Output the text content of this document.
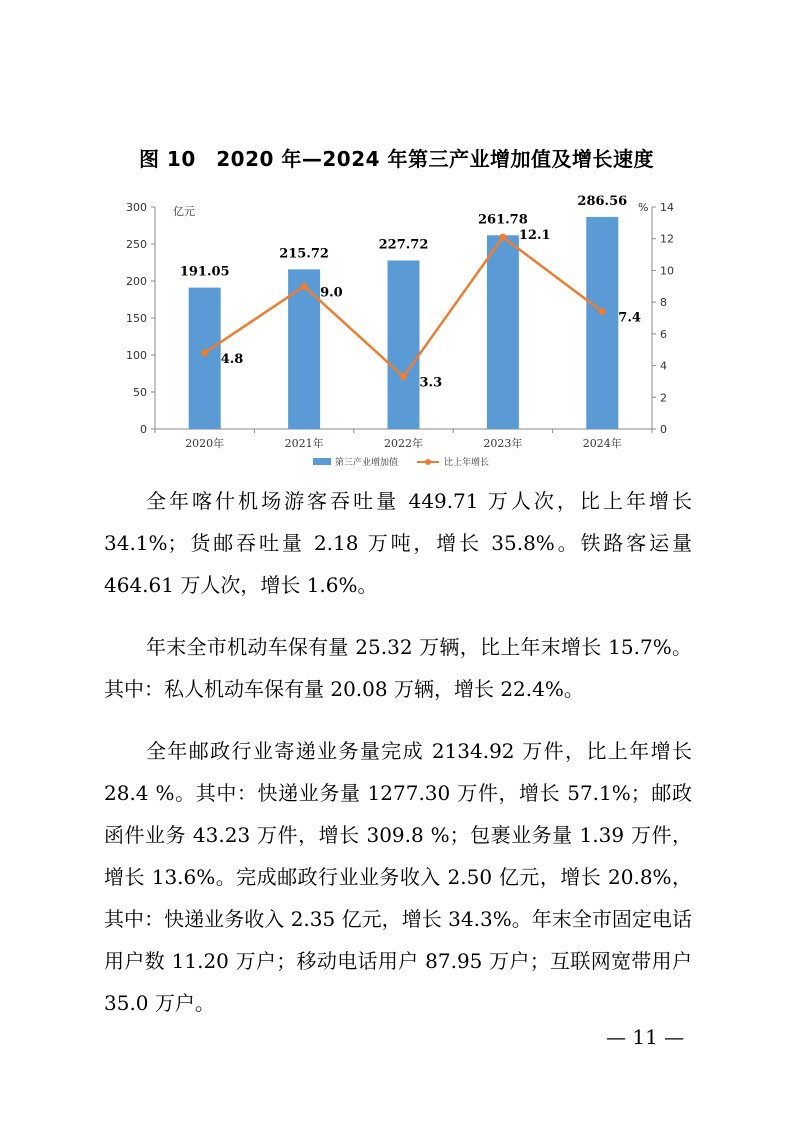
图 10　2020 年—2024 年第三产业增加值及增长速度
0
50
100
150
200
250
300
0
2
4
6
8
10
12
14
亿元	%
2020年	2021年	2022年	2023年	2024年
191.05
215.72
227.72
261.78
286.56
4.8
9.0
3.3
12.1
7.4
第三产业增加值	比上年增长

全年喀什机场游客吞吐量 449.71 万人次，比上年增长 34.1%；货邮吞吐量 2.18 万吨，增长 35.8%。铁路客运量 464.61 万人次，增长 1.6%。

年末全市机动车保有量 25.32 万辆，比上年末增长 15.7%。其中：私人机动车保有量 20.08 万辆，增长 22.4%。

全年邮政行业寄递业务量完成 2134.92 万件，比上年增长 28.4 %。其中：快递业务量 1277.30 万件，增长 57.1%；邮政函件业务 43.23 万件，增长 309.8 %；包裹业务量 1.39 万件，增长 13.6%。完成邮政行业业务收入 2.50 亿元，增长 20.8%，其中：快递业务收入 2.35 亿元，增长 34.3%。年末全市固定电话用户数 11.20 万户；移动电话用户 87.95 万户；互联网宽带用户 35.0 万户。

— 11 —
